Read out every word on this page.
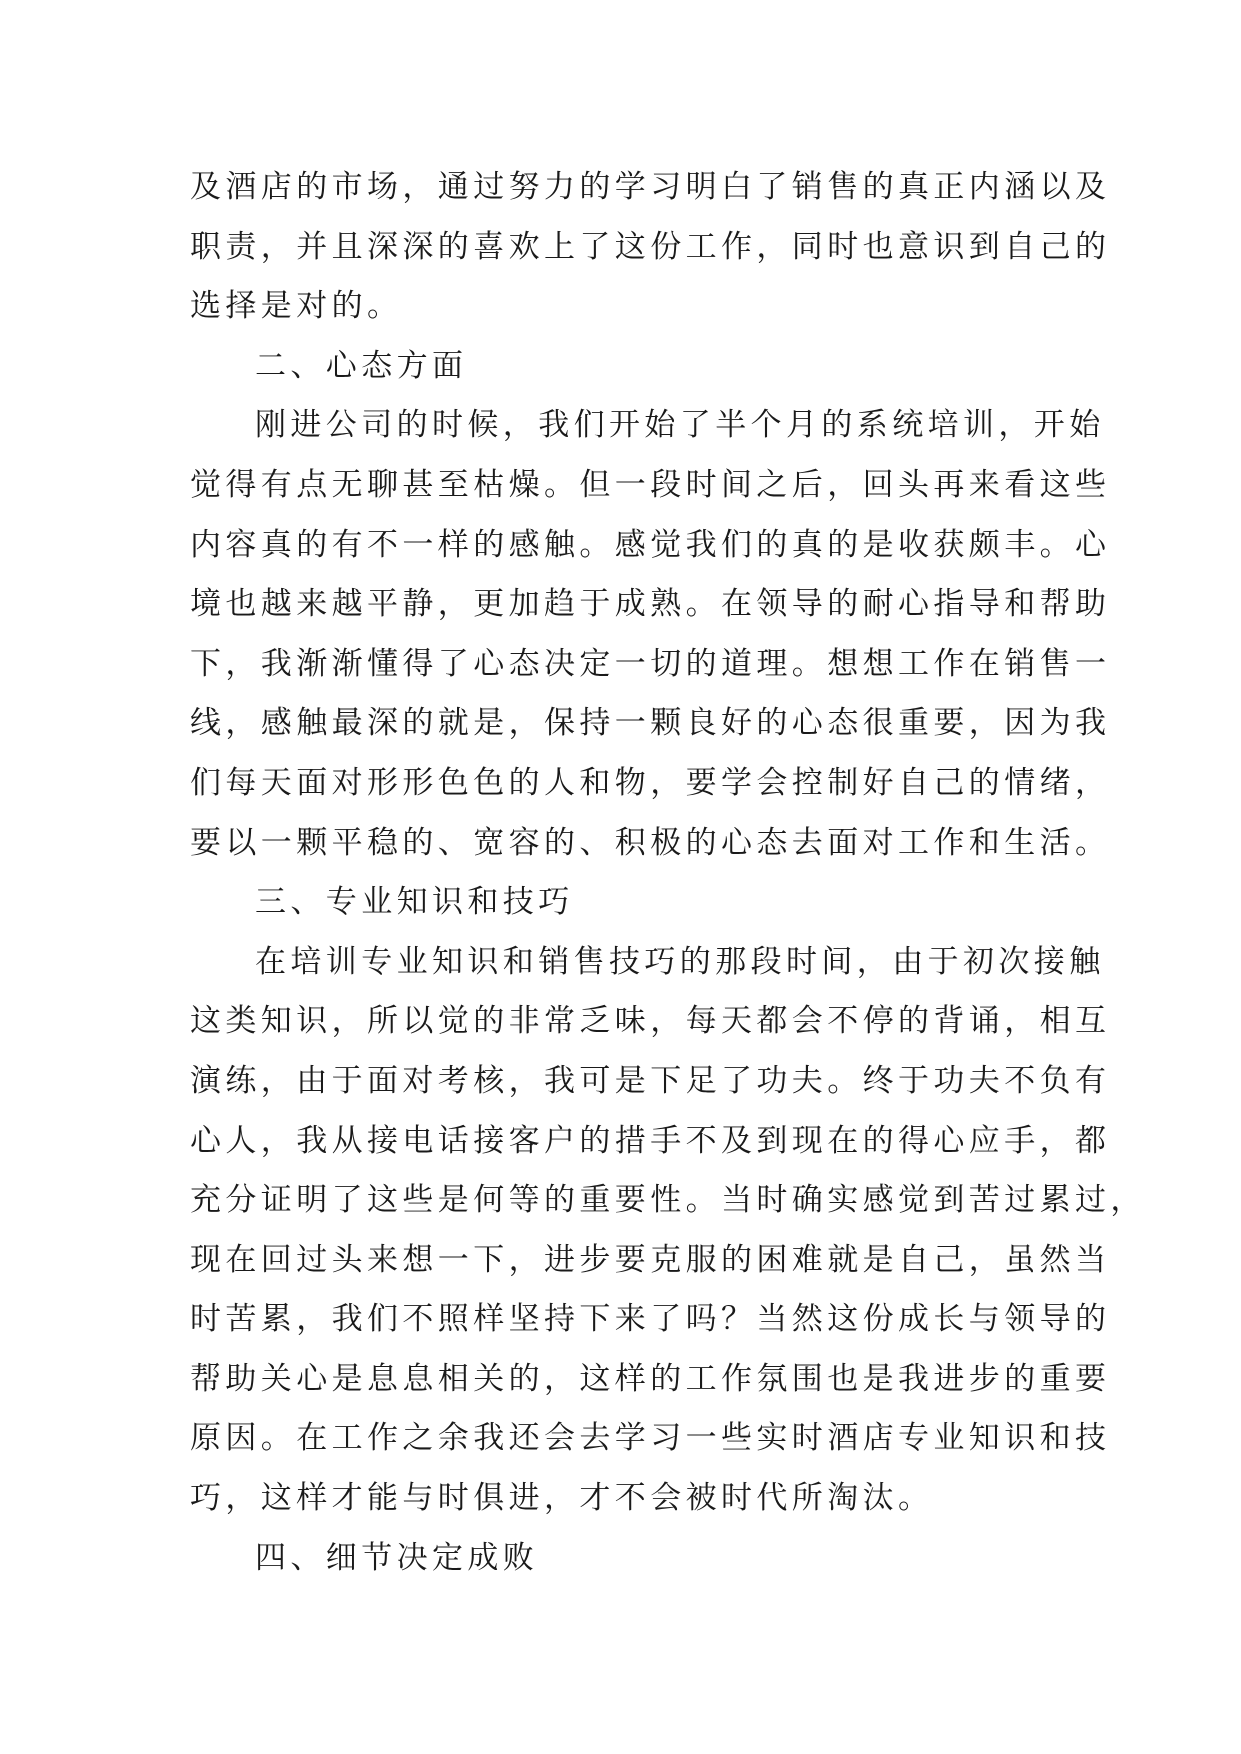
及酒店的市场，通过努力的学习明白了销售的真正内涵以及
职责，并且深深的喜欢上了这份工作，同时也意识到自己的
选择是对的。
二、心态方面
刚进公司的时候，我们开始了半个月的系统培训，开始
觉得有点无聊甚至枯燥。但一段时间之后，回头再来看这些
内容真的有不一样的感触。感觉我们的真的是收获颇丰。心
境也越来越平静，更加趋于成熟。在领导的耐心指导和帮助
下，我渐渐懂得了心态决定一切的道理。想想工作在销售一
线，感触最深的就是，保持一颗良好的心态很重要，因为我
们每天面对形形色色的人和物，要学会控制好自己的情绪，
要以一颗平稳的、宽容的、积极的心态去面对工作和生活。
三、专业知识和技巧
在培训专业知识和销售技巧的那段时间，由于初次接触
这类知识，所以觉的非常乏味，每天都会不停的背诵，相互
演练，由于面对考核，我可是下足了功夫。终于功夫不负有
心人，我从接电话接客户的措手不及到现在的得心应手，都
充分证明了这些是何等的重要性。当时确实感觉到苦过累过，
现在回过头来想一下，进步要克服的困难就是自己，虽然当
时苦累，我们不照样坚持下来了吗？当然这份成长与领导的
帮助关心是息息相关的，这样的工作氛围也是我进步的重要
原因。在工作之余我还会去学习一些实时酒店专业知识和技
巧，这样才能与时俱进，才不会被时代所淘汰。
四、细节决定成败
